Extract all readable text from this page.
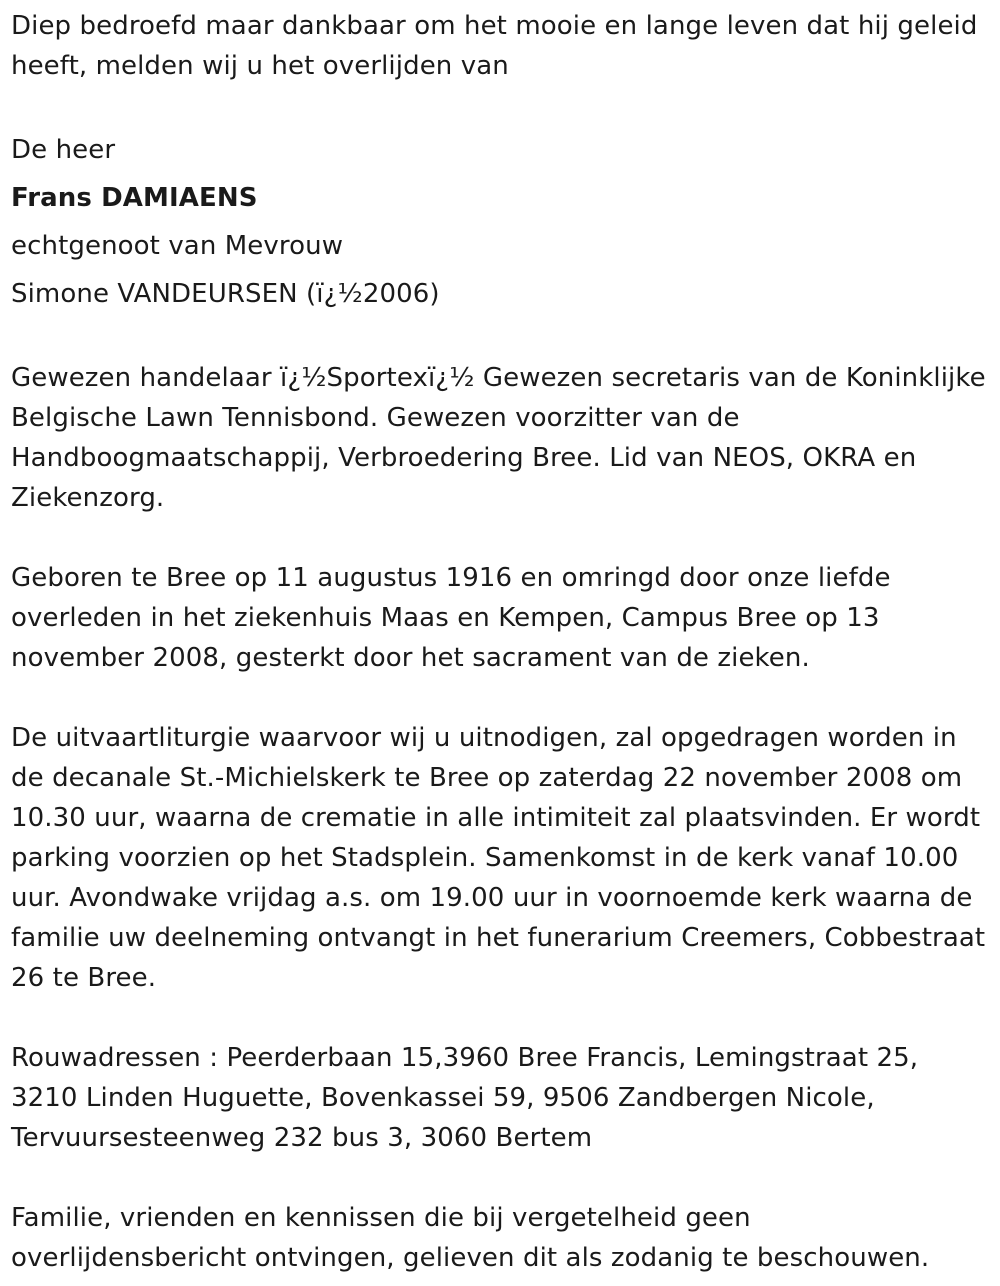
Diep bedroefd maar dankbaar om het mooie en lange leven dat hij geleid heeft, melden wij u het overlijden van

De heer
Frans DAMIAENS
echtgenoot van Mevrouw
Simone VANDEURSEN (ï¿½2006)

Gewezen handelaar ï¿½Sportexï¿½ Gewezen secretaris van de Koninklijke Belgische Lawn Tennisbond. Gewezen voorzitter van de Handboogmaatschappij, Verbroedering Bree. Lid van NEOS, OKRA en Ziekenzorg.

Geboren te Bree op 11 augustus 1916 en omringd door onze liefde overleden in het ziekenhuis Maas en Kempen, Campus Bree op 13 november 2008, gesterkt door het sacrament van de zieken.

De uitvaartliturgie waarvoor wij u uitnodigen, zal opgedragen worden in de decanale St.-Michielskerk te Bree op zaterdag 22 november 2008 om 10.30 uur, waarna de crematie in alle intimiteit zal plaatsvinden. Er wordt parking voorzien op het Stadsplein. Samenkomst in de kerk vanaf 10.00 uur. Avondwake vrijdag a.s. om 19.00 uur in voornoemde kerk waarna de familie uw deelneming ontvangt in het funerarium Creemers, Cobbestraat 26 te Bree.

Rouwadressen : Peerderbaan 15,3960 Bree Francis, Lemingstraat 25, 3210 Linden Huguette, Bovenkassei 59, 9506 Zandbergen Nicole, Tervuursesteenweg 232 bus 3, 3060 Bertem

Familie, vrienden en kennissen die bij vergetelheid geen overlijdensbericht ontvingen, gelieven dit als zodanig te beschouwen.
